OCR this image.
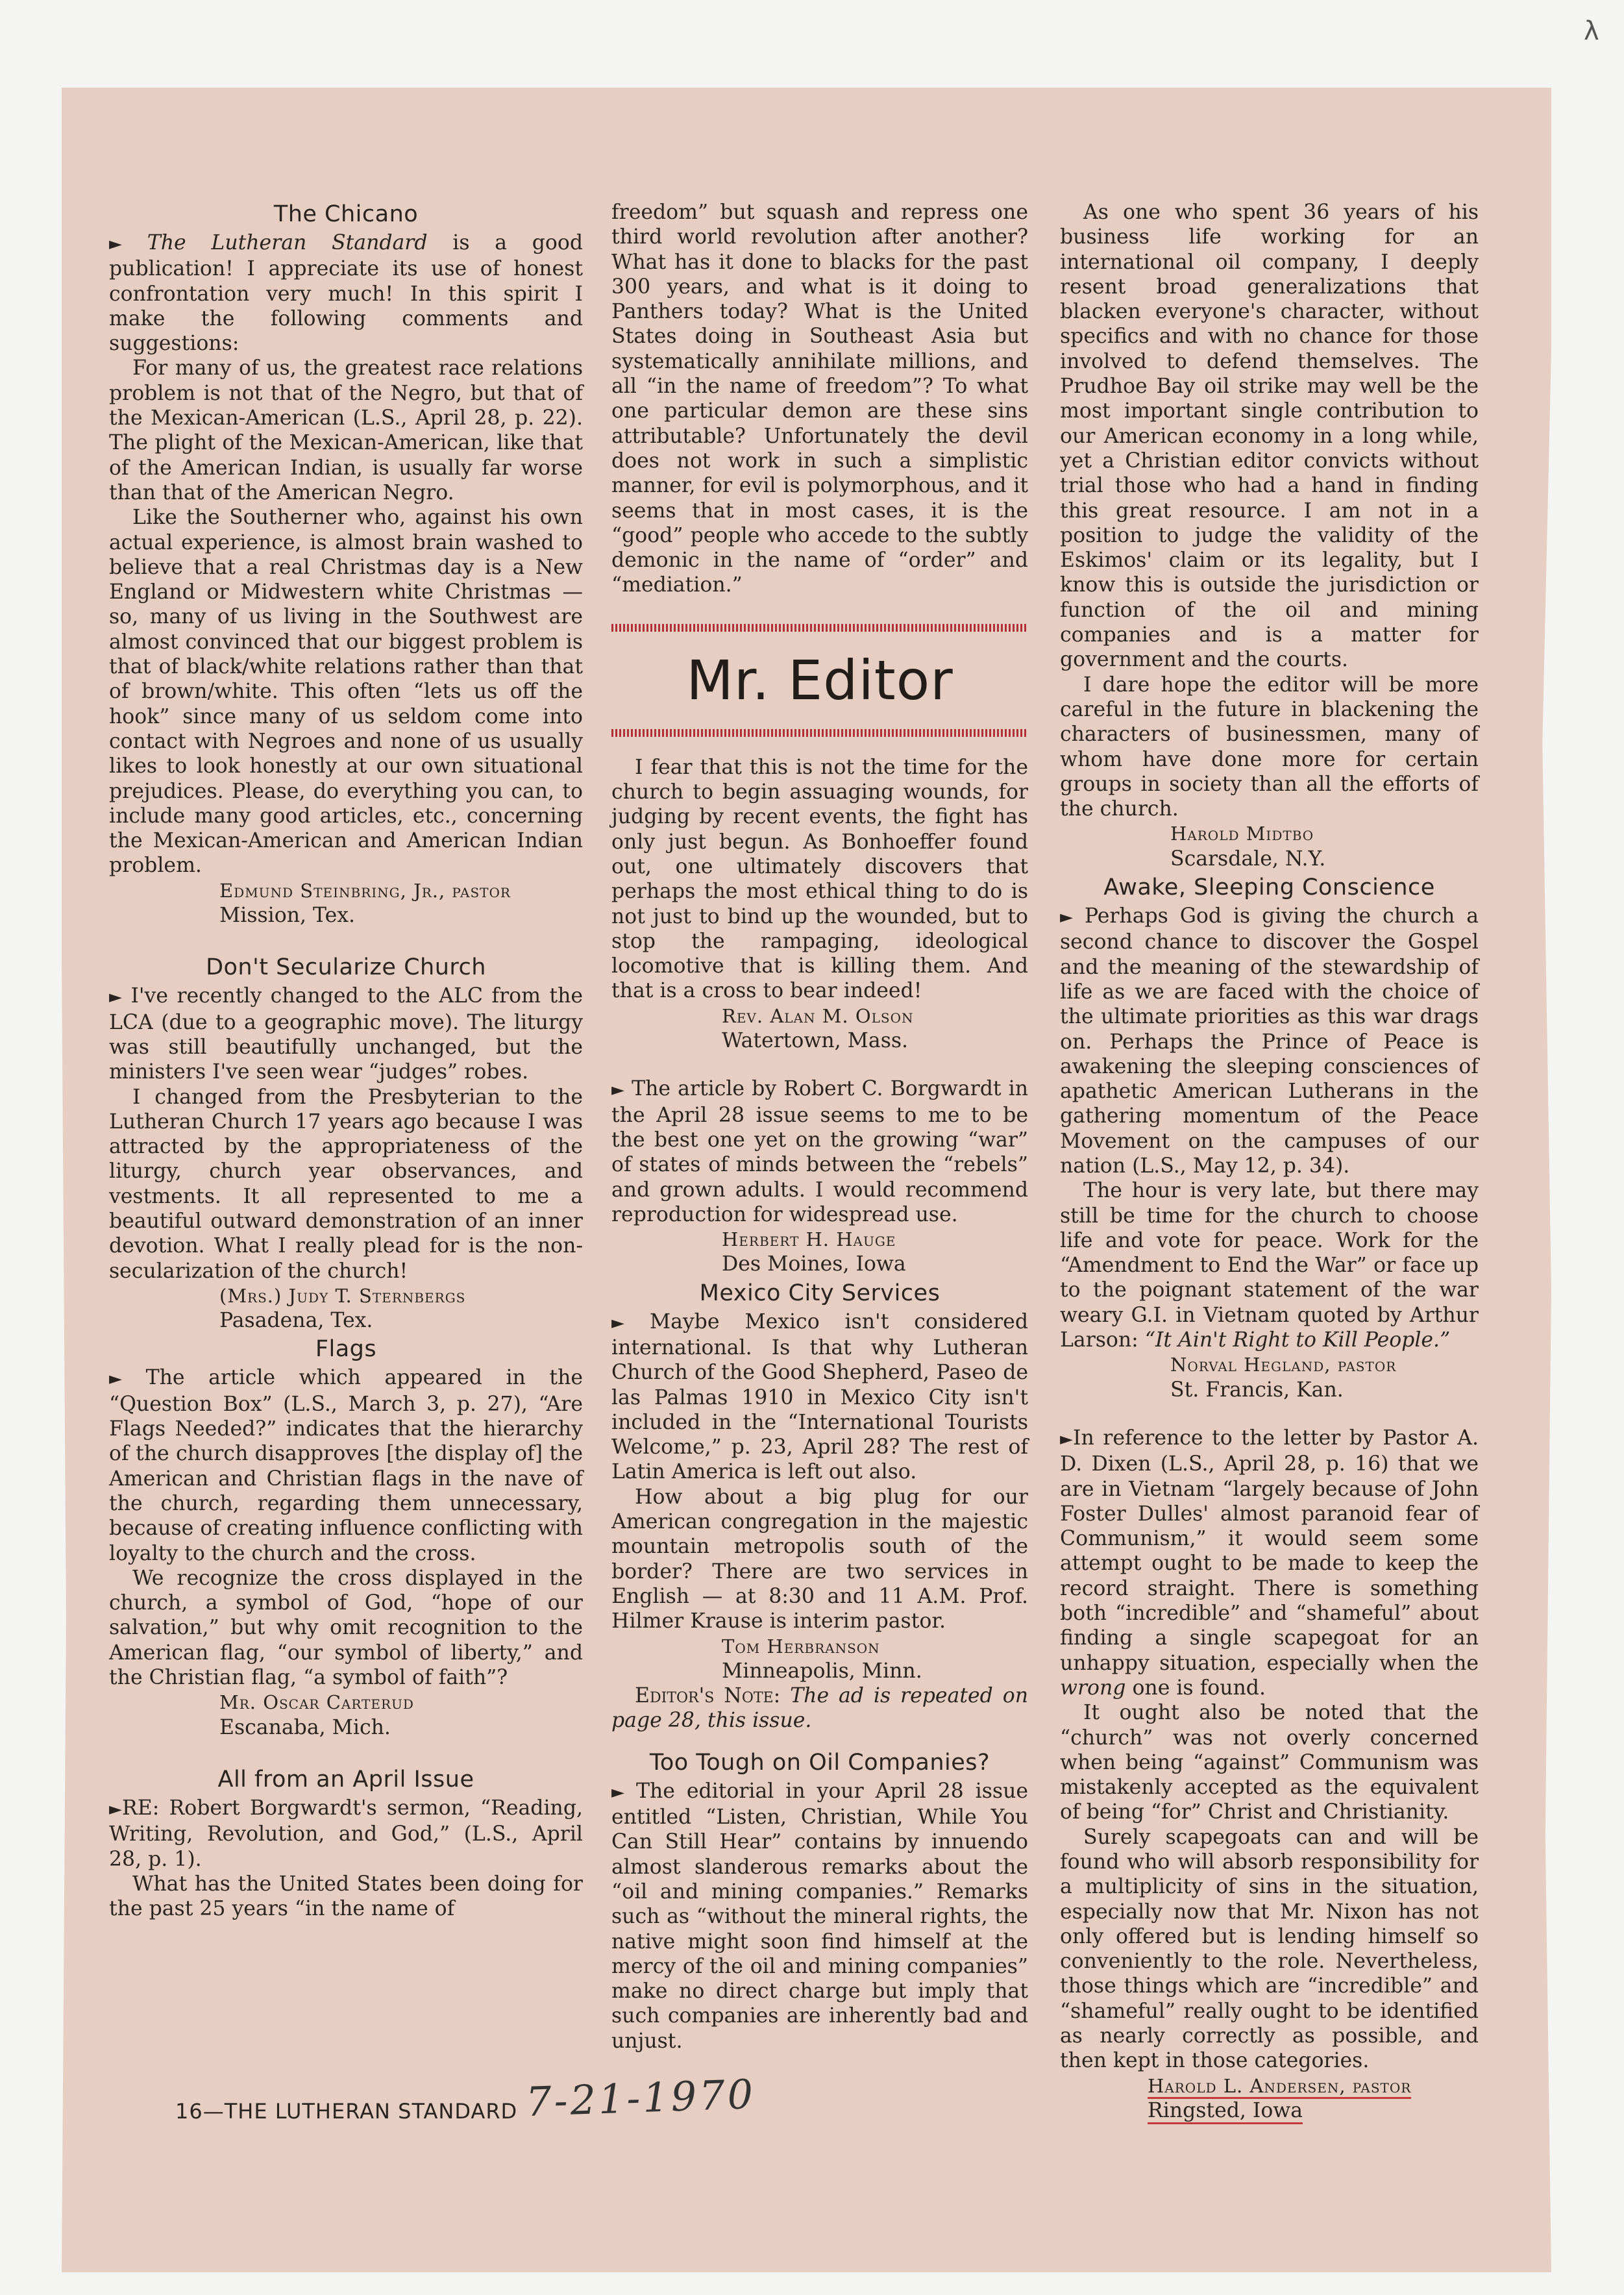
λ
The Chicano

► The Lutheran Standard is a good publication! I appreciate its use of honest confrontation very much! In this spirit I make the following comments and suggestions:

For many of us, the greatest race relations problem is not that of the Negro, but that of the Mexican-American (L.S., April 28, p. 22). The plight of the Mexican-American, like that of the American Indian, is usually far worse than that of the American Negro.

Like the Southerner who, against his own actual experience, is almost brain washed to believe that a real Christmas day is a New England or Midwestern white Christmas — so, many of us living in the Southwest are almost convinced that our biggest problem is that of black/white relations rather than that of brown/white. This often “lets us off the hook” since many of us seldom come into contact with Negroes and none of us usually likes to look honestly at our own situational prejudices. Please, do everything you can, to include many good articles, etc., concerning the Mexican-American and American Indian problem.

Edmund Steinbring, Jr., pastor

Mission, Tex.

Don't Secularize Church

► I've recently changed to the ALC from the LCA (due to a geographic move). The liturgy was still beautifully unchanged, but the ministers I've seen wear “judges” robes.

I changed from the Presbyterian to the Lutheran Church 17 years ago because I was attracted by the appropriateness of the liturgy, church year observances, and vestments. It all represented to me a beautiful outward demonstration of an inner devotion. What I really plead for is the non-secularization of the church!

(Mrs.) Judy T. Sternbergs

Pasadena, Tex.

Flags

► The article which appeared in the “Question Box” (L.S., March 3, p. 27), “Are Flags Needed?” indicates that the hierarchy of the church disapproves [the display of] the American and Christian flags in the nave of the church, regarding them unnecessary, because of creating influence conflicting with loyalty to the church and the cross.

We recognize the cross displayed in the church, a symbol of God, “hope of our salvation,” but why omit recognition to the American flag, “our symbol of liberty,” and the Christian flag, “a symbol of faith”?

Mr. Oscar Carterud

Escanaba, Mich.

All from an April Issue

►RE: Robert Borgwardt's sermon, “Reading, Writing, Revolution, and God,” (L.S., April 28, p. 1).

What has the United States been doing for the past 25 years “in the name of

freedom” but squash and repress one third world revolution after another? What has it done to blacks for the past 300 years, and what is it doing to Panthers today? What is the United States doing in Southeast Asia but systematically annihilate millions, and all “in the name of freedom”? To what one particular demon are these sins attributable? Unfortunately the devil does not work in such a simplistic manner, for evil is polymorphous, and it seems that in most cases, it is the “good” people who accede to the subtly demonic in the name of “order” and “mediation.”

Mr. Editor

I fear that this is not the time for the church to begin assuaging wounds, for judging by recent events, the fight has only just begun. As Bonhoeffer found out, one ultimately discovers that perhaps the most ethical thing to do is not just to bind up the wounded, but to stop the rampaging, ideological locomotive that is killing them. And that is a cross to bear indeed!

Rev. Alan M. Olson

Watertown, Mass.

► The article by Robert C. Borgwardt in the April 28 issue seems to me to be the best one yet on the growing “war” of states of minds between the “rebels” and grown adults. I would recommend reproduction for widespread use.

Herbert H. Hauge

Des Moines, Iowa

Mexico City Services

► Maybe Mexico isn't considered international. Is that why Lutheran Church of the Good Shepherd, Paseo de las Palmas 1910 in Mexico City isn't included in the “International Tourists Welcome,” p. 23, April 28? The rest of Latin America is left out also.

How about a big plug for our American congregation in the majestic mountain metropolis south of the border? There are two services in English — at 8:30 and 11 A.M. Prof. Hilmer Krause is interim pastor.

Tom Herbranson

Minneapolis, Minn.

Editor's Note: The ad is repeated on page 28, this issue.

Too Tough on Oil Companies?

► The editorial in your April 28 issue entitled “Listen, Christian, While You Can Still Hear” contains by innuendo almost slanderous remarks about the “oil and mining companies.” Remarks such as “without the mineral rights, the native might soon find himself at the mercy of the oil and mining companies” make no direct charge but imply that such companies are inherently bad and unjust.

As one who spent 36 years of his business life working for an international oil company, I deeply resent broad generalizations that blacken everyone's character, without specifics and with no chance for those involved to defend themselves. The Prudhoe Bay oil strike may well be the most important single contribution to our American economy in a long while, yet a Christian editor convicts without trial those who had a hand in finding this great resource. I am not in a position to judge the validity of the Eskimos' claim or its legality, but I know this is outside the jurisdiction or function of the oil and mining companies and is a matter for government and the courts.

I dare hope the editor will be more careful in the future in blackening the characters of businessmen, many of whom have done more for certain groups in society than all the efforts of the church.

Harold Midtbo

Scarsdale, N.Y.

Awake, Sleeping Conscience

► Perhaps God is giving the church a second chance to discover the Gospel and the meaning of the stewardship of life as we are faced with the choice of the ultimate priorities as this war drags on. Perhaps the Prince of Peace is awakening the sleeping consciences of apathetic American Lutherans in the gathering momentum of the Peace Movement on the campuses of our nation (L.S., May 12, p. 34).

The hour is very late, but there may still be time for the church to choose life and vote for peace. Work for the “Amendment to End the War” or face up to the poignant statement of the war weary G.I. in Vietnam quoted by Arthur Larson: “It Ain't Right to Kill People.”

Norval Hegland, pastor

St. Francis, Kan.

►In reference to the letter by Pastor A. D. Dixen (L.S., April 28, p. 16) that we are in Vietnam “largely because of John Foster Dulles' almost paranoid fear of Communism,” it would seem some attempt ought to be made to keep the record straight. There is something both “incredible” and “shameful” about finding a single scapegoat for an unhappy situation, especially when the wrong one is found.

It ought also be noted that the “church” was not overly concerned when being “against” Communism was mistakenly accepted as the equivalent of being “for” Christ and Christianity.

Surely scapegoats can and will be found who will absorb responsibility for a multiplicity of sins in the situation, especially now that Mr. Nixon has not only offered but is lending himself so conveniently to the role. Nevertheless, those things which are “incredible” and “shameful” really ought to be identified as nearly correctly as possible, and then kept in those categories.

Harold L. Andersen, pastor

Ringsted, Iowa

16—THE LUTHERAN STANDARD 7-21-1970
